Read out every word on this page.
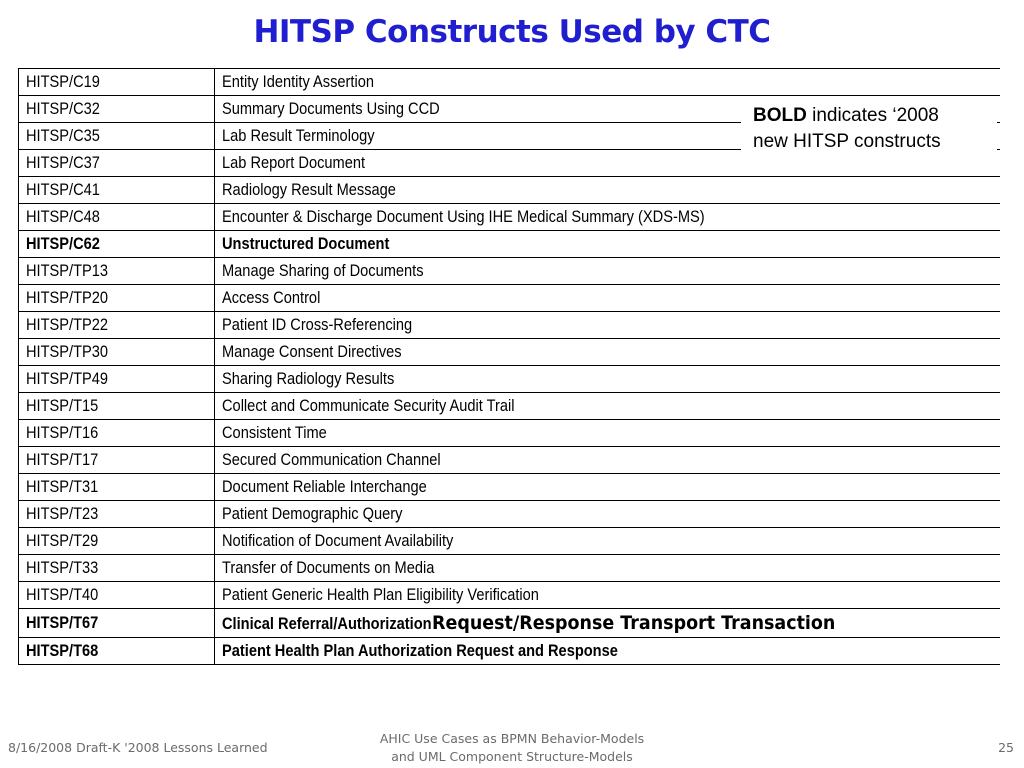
HITSP Constructs Used by CTC
HITSP/C19	Entity Identity Assertion
HITSP/C32	Summary Documents Using CCD
HITSP/C35	Lab Result Terminology
HITSP/C37	Lab Report Document
HITSP/C41	Radiology Result Message
HITSP/C48	Encounter & Discharge Document Using IHE Medical Summary (XDS-MS)
HITSP/C62	Unstructured Document
HITSP/TP13	Manage Sharing of Documents
HITSP/TP20	Access Control
HITSP/TP22	Patient ID Cross-Referencing
HITSP/TP30	Manage Consent Directives
HITSP/TP49	Sharing Radiology Results
HITSP/T15	Collect and Communicate Security Audit Trail
HITSP/T16	Consistent Time
HITSP/T17	Secured Communication Channel
HITSP/T31	Document Reliable Interchange
HITSP/T23	Patient Demographic Query
HITSP/T29	Notification of Document Availability
HITSP/T33	Transfer of Documents on Media
HITSP/T40	Patient Generic Health Plan Eligibility Verification
HITSP/T67	Clinical Referral/Authorization Request/Response Transport Transaction
HITSP/T68	Patient Health Plan Authorization Request and Response
BOLD indicates ‘2008
new HITSP constructs
8/16/2008 Draft-K '2008 Lessons Learned
AHIC Use Cases as BPMN Behavior-Models
and UML Component Structure-Models
25
